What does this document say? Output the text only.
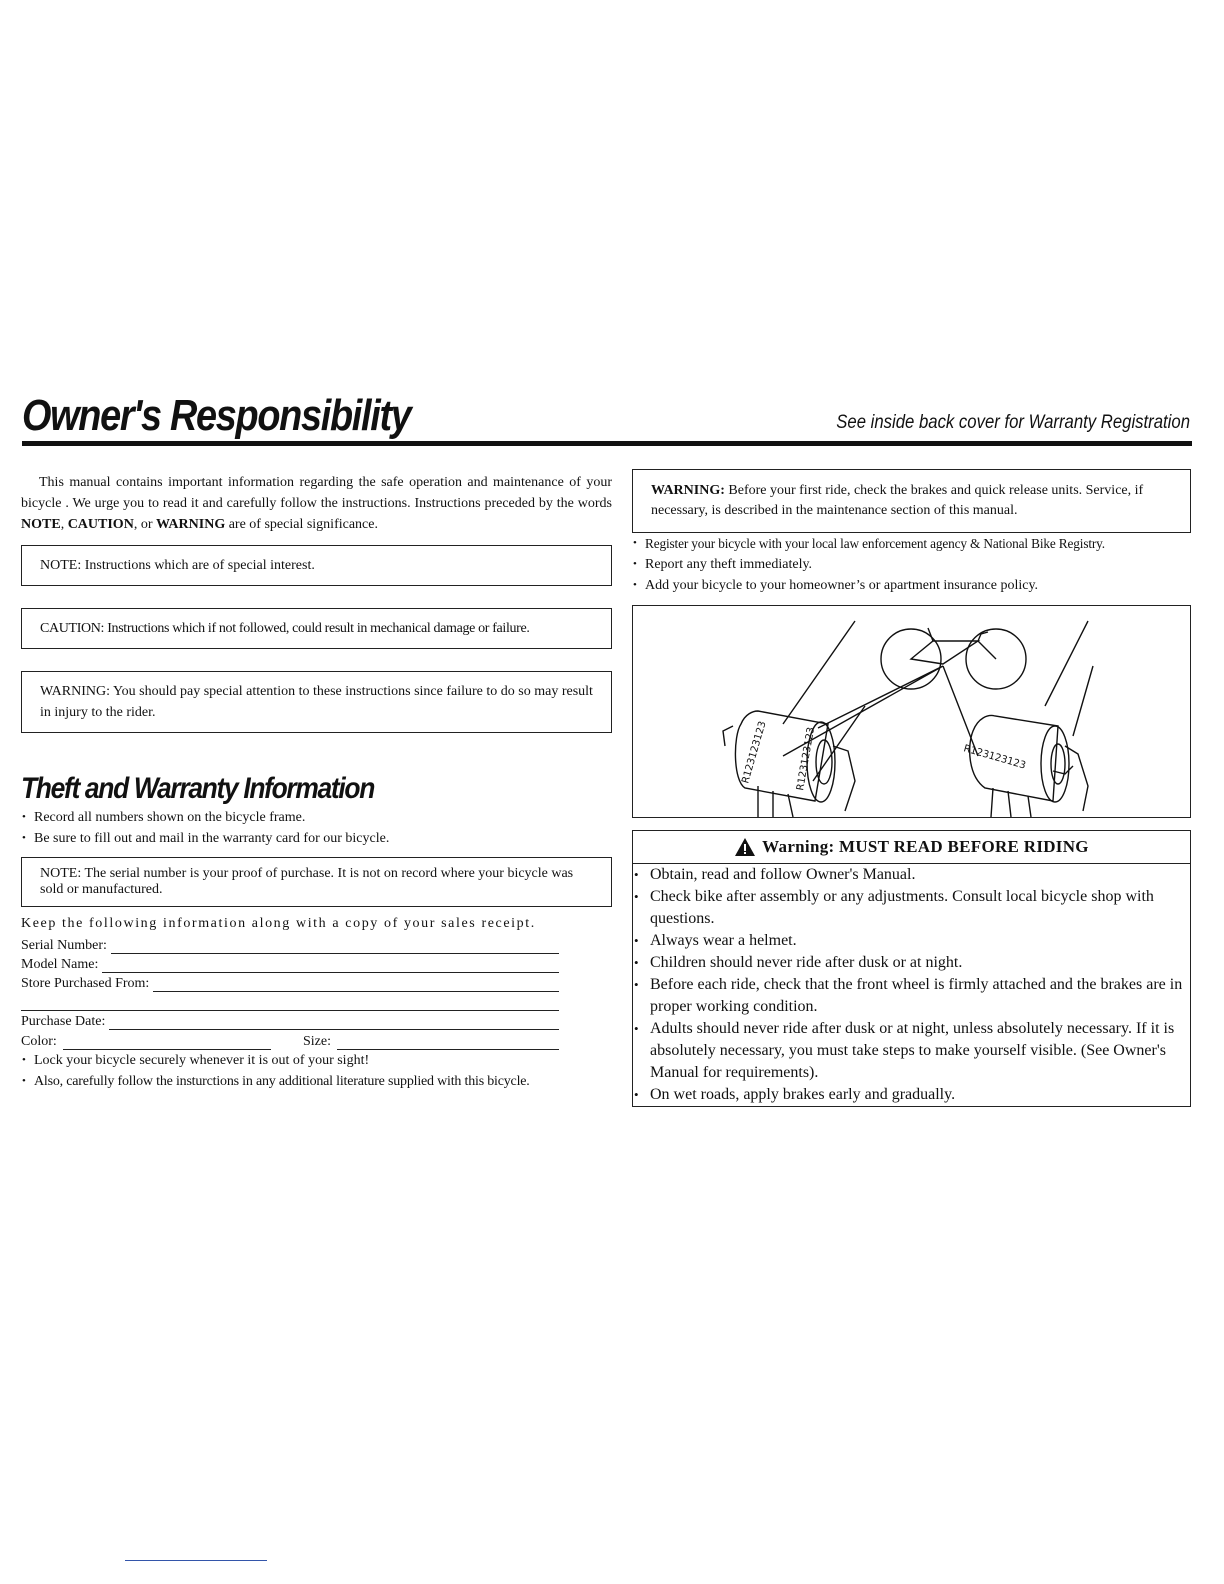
Owner's Responsibility	See inside back cover for Warranty Registration

This manual contains important information regarding the safe operation and maintenance of your bicycle . We urge you to read it and carefully follow the instructions. Instructions preceded by the words NOTE, CAUTION, or WARNING are of special significance.

NOTE: Instructions which are of special interest.
CAUTION: Instructions which if not followed, could result in mechanical damage or failure.
WARNING: You should pay special attention to these instructions since failure to do so may result in injury to the rider.
Theft and Warranty Information
• Record all numbers shown on the bicycle frame.
• Be sure to fill out and mail in the warranty card for our bicycle.
NOTE: The serial number is your proof of purchase. It is not on record where your bicycle was sold or manufactured.
Keep the following information along with a copy of your sales receipt.
Serial Number:
Model Name:
Store Purchased From:
Purchase Date:
Color:	Size:
• Lock your bicycle securely whenever it is out of your sight!
• Also, carefully follow the insturctions in any additional literature supplied with this bicycle.
WARNING: Before your first ride, check the brakes and quick release units. Service, if necessary, is described in the maintenance section of this manual.
• Register your bicycle with your local law enforcement agency & National Bike Registry.
• Report any theft immediately.
• Add your bicycle to your homeowner’s or apartment insurance policy.
R123123123	R123123123	R123123123
Warning: MUST READ BEFORE RIDING
• Obtain, read and follow Owner's Manual.
• Check bike after assembly or any adjustments. Consult local bicycle shop with questions.
• Always wear a helmet.
• Children should never ride after dusk or at night.
• Before each ride, check that the front wheel is firmly attached and the brakes are in proper working condition.
• Adults should never ride after dusk or at night, unless absolutely necessary. If it is absolutely necessary, you must take steps to make yourself visible. (See Owner's Manual for requirements).
• On wet roads, apply brakes early and gradually.
